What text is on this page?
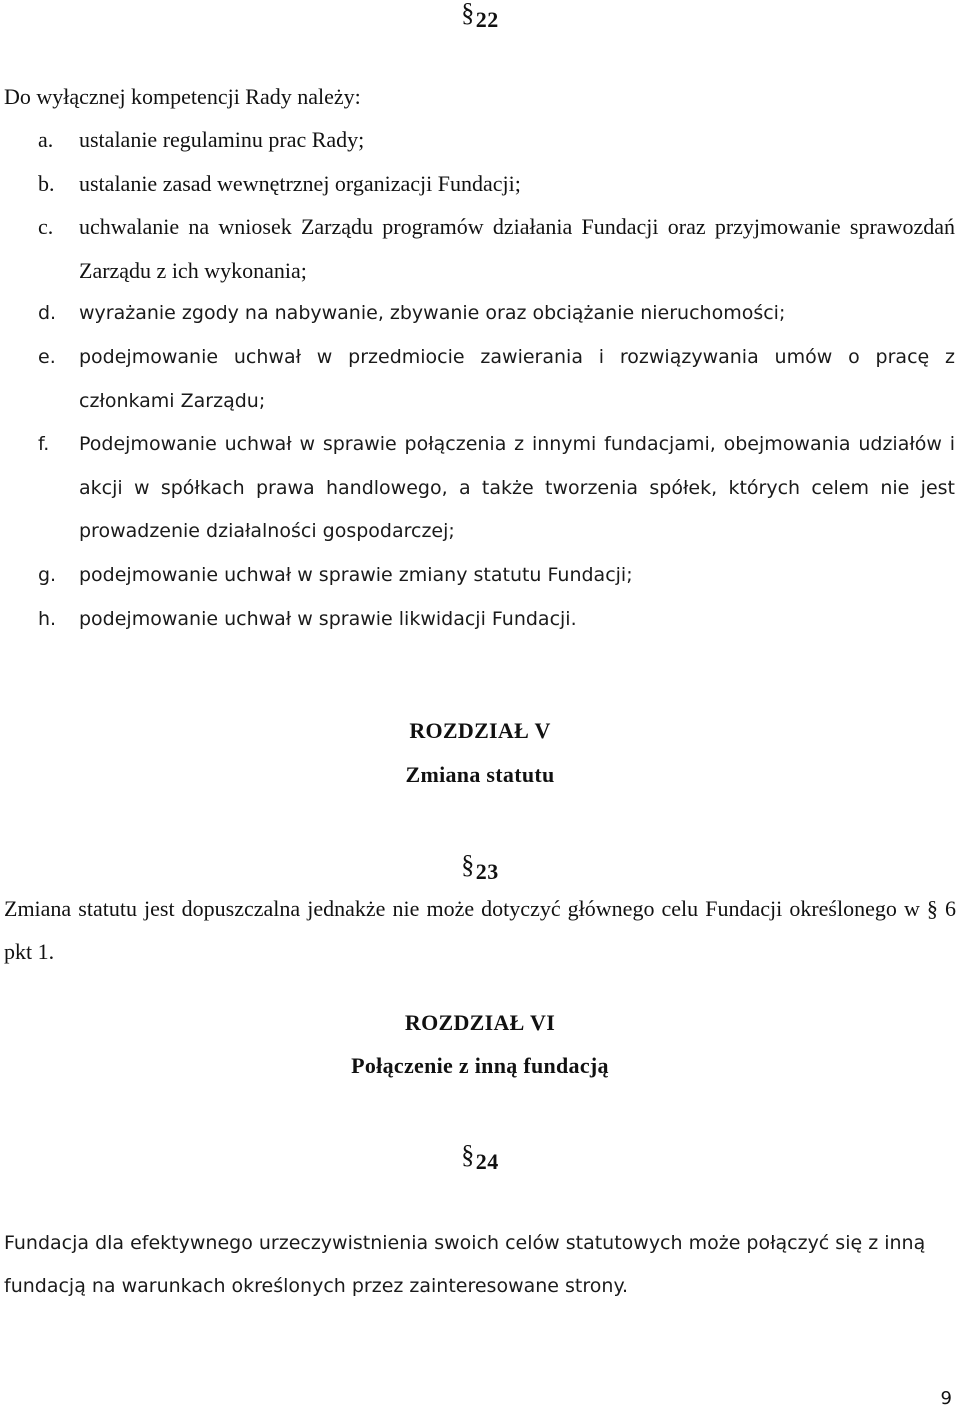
§22
Do wyłącznej kompetencji Rady należy:
a. ustalanie regulaminu prac Rady;
b. ustalanie zasad wewnętrznej organizacji Fundacji;
c. uchwalanie na wniosek Zarządu programów działania Fundacji oraz przyjmowanie sprawozdań Zarządu z ich wykonania;
d. wyrażanie zgody na nabywanie, zbywanie oraz obciążanie nieruchomości;
e. podejmowanie uchwał w przedmiocie zawierania i rozwiązywania umów o pracę z członkami Zarządu;
f. Podejmowanie uchwał w sprawie połączenia z innymi fundacjami, obejmowania udziałów i akcji w spółkach prawa handlowego, a także tworzenia spółek, których celem nie jest prowadzenie działalności gospodarczej;
g. podejmowanie uchwał w sprawie zmiany statutu Fundacji;
h. podejmowanie uchwał w sprawie likwidacji Fundacji.
ROZDZIAŁ V
Zmiana statutu
§23
Zmiana statutu jest dopuszczalna jednakże nie może dotyczyć głównego celu Fundacji określonego w § 6 pkt 1.
ROZDZIAŁ VI
Połączenie z inną fundacją
§24
Fundacja dla efektywnego urzeczywistnienia swoich celów statutowych może połączyć się z inną fundacją na warunkach określonych przez zainteresowane strony.
9
